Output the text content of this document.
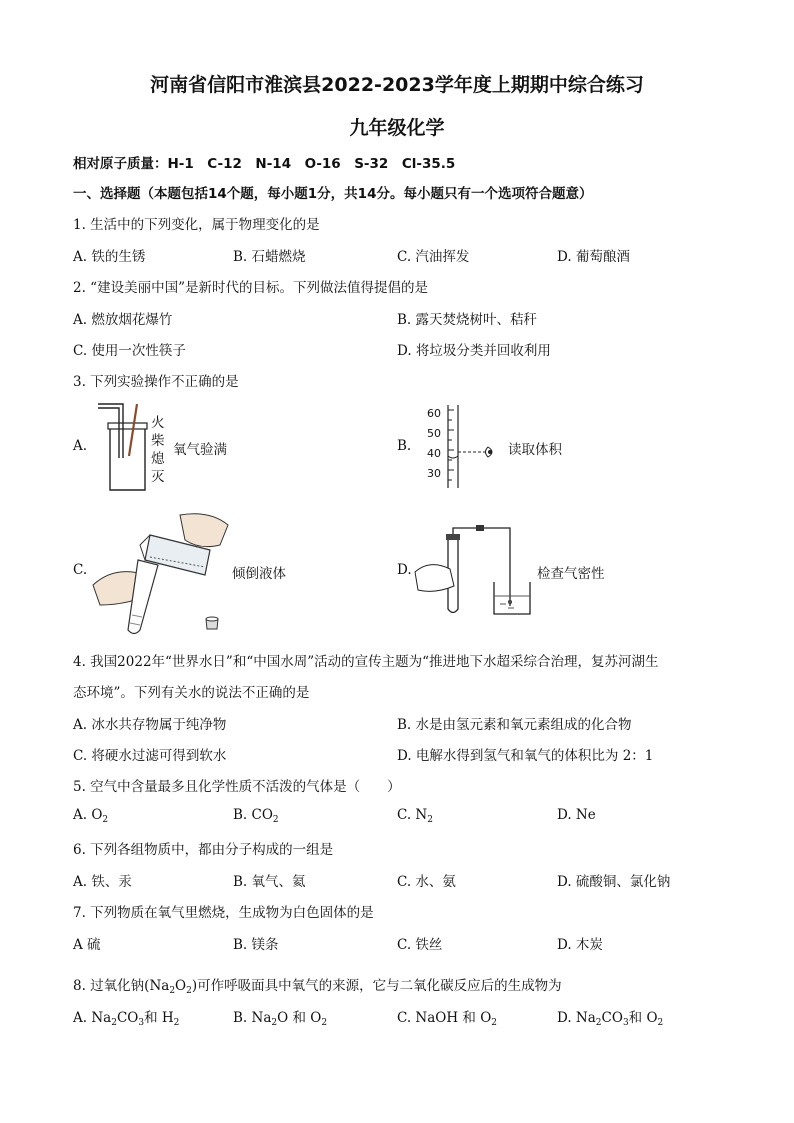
河南省信阳市淮滨县2022-2023学年度上期期中综合练习
九年级化学
相对原子质量：H-1　C-12　N-14　O-16　S-32　Cl-35.5
一、选择题（本题包括14个题，每小题1分，共14分。每小题只有一个选项符合题意）
1. 生活中的下列变化，属于物理变化的是
A. 铁的生锈	B. 石蜡燃烧	C. 汽油挥发	D. 葡萄酿酒
2. “建设美丽中国”是新时代的目标。下列做法值得提倡的是
A. 燃放烟花爆竹	B. 露天焚烧树叶、秸秆
C. 使用一次性筷子	D. 将垃圾分类并回收利用
3. 下列实验操作不正确的是
A.
火
柴
熄
灭
氧气验满	B.
60
50
40
30
读取体积
C.	倾倒液体	D.	检查气密性
4. 我国2022年“世界水日”和“中国水周”活动的宣传主题为“推进地下水超采综合治理，复苏河湖生
态环境”。下列有关水的说法不正确的是
A. 冰水共存物属于纯净物	B. 水是由氢元素和氧元素组成的化合物
C. 将硬水过滤可得到软水	D. 电解水得到氢气和氧气的体积比为 2：1
5. 空气中含量最多且化学性质不活泼的气体是（　　）
A. $O_2$	B. $CO_2$	C. $N_2$	D. Ne
6. 下列各组物质中，都由分子构成的一组是
A. 铁、汞	B. 氧气、氦	C. 水、氨	D. 硫酸铜、氯化钠
7. 下列物质在氧气里燃烧，生成物为白色固体的是
A 硫	B. 镁条	C. 铁丝	D. 木炭
8. 过氧化钠$(Na_2O_2)$可作呼吸面具中氧气的来源，它与二氧化碳反应后的生成物为
A. $Na_2CO_3$和 $H_2$	B. $Na_2O$ 和 $O_2$	C. NaOH 和 $O_2$	D. $Na_2CO_3$和 $O_2$
